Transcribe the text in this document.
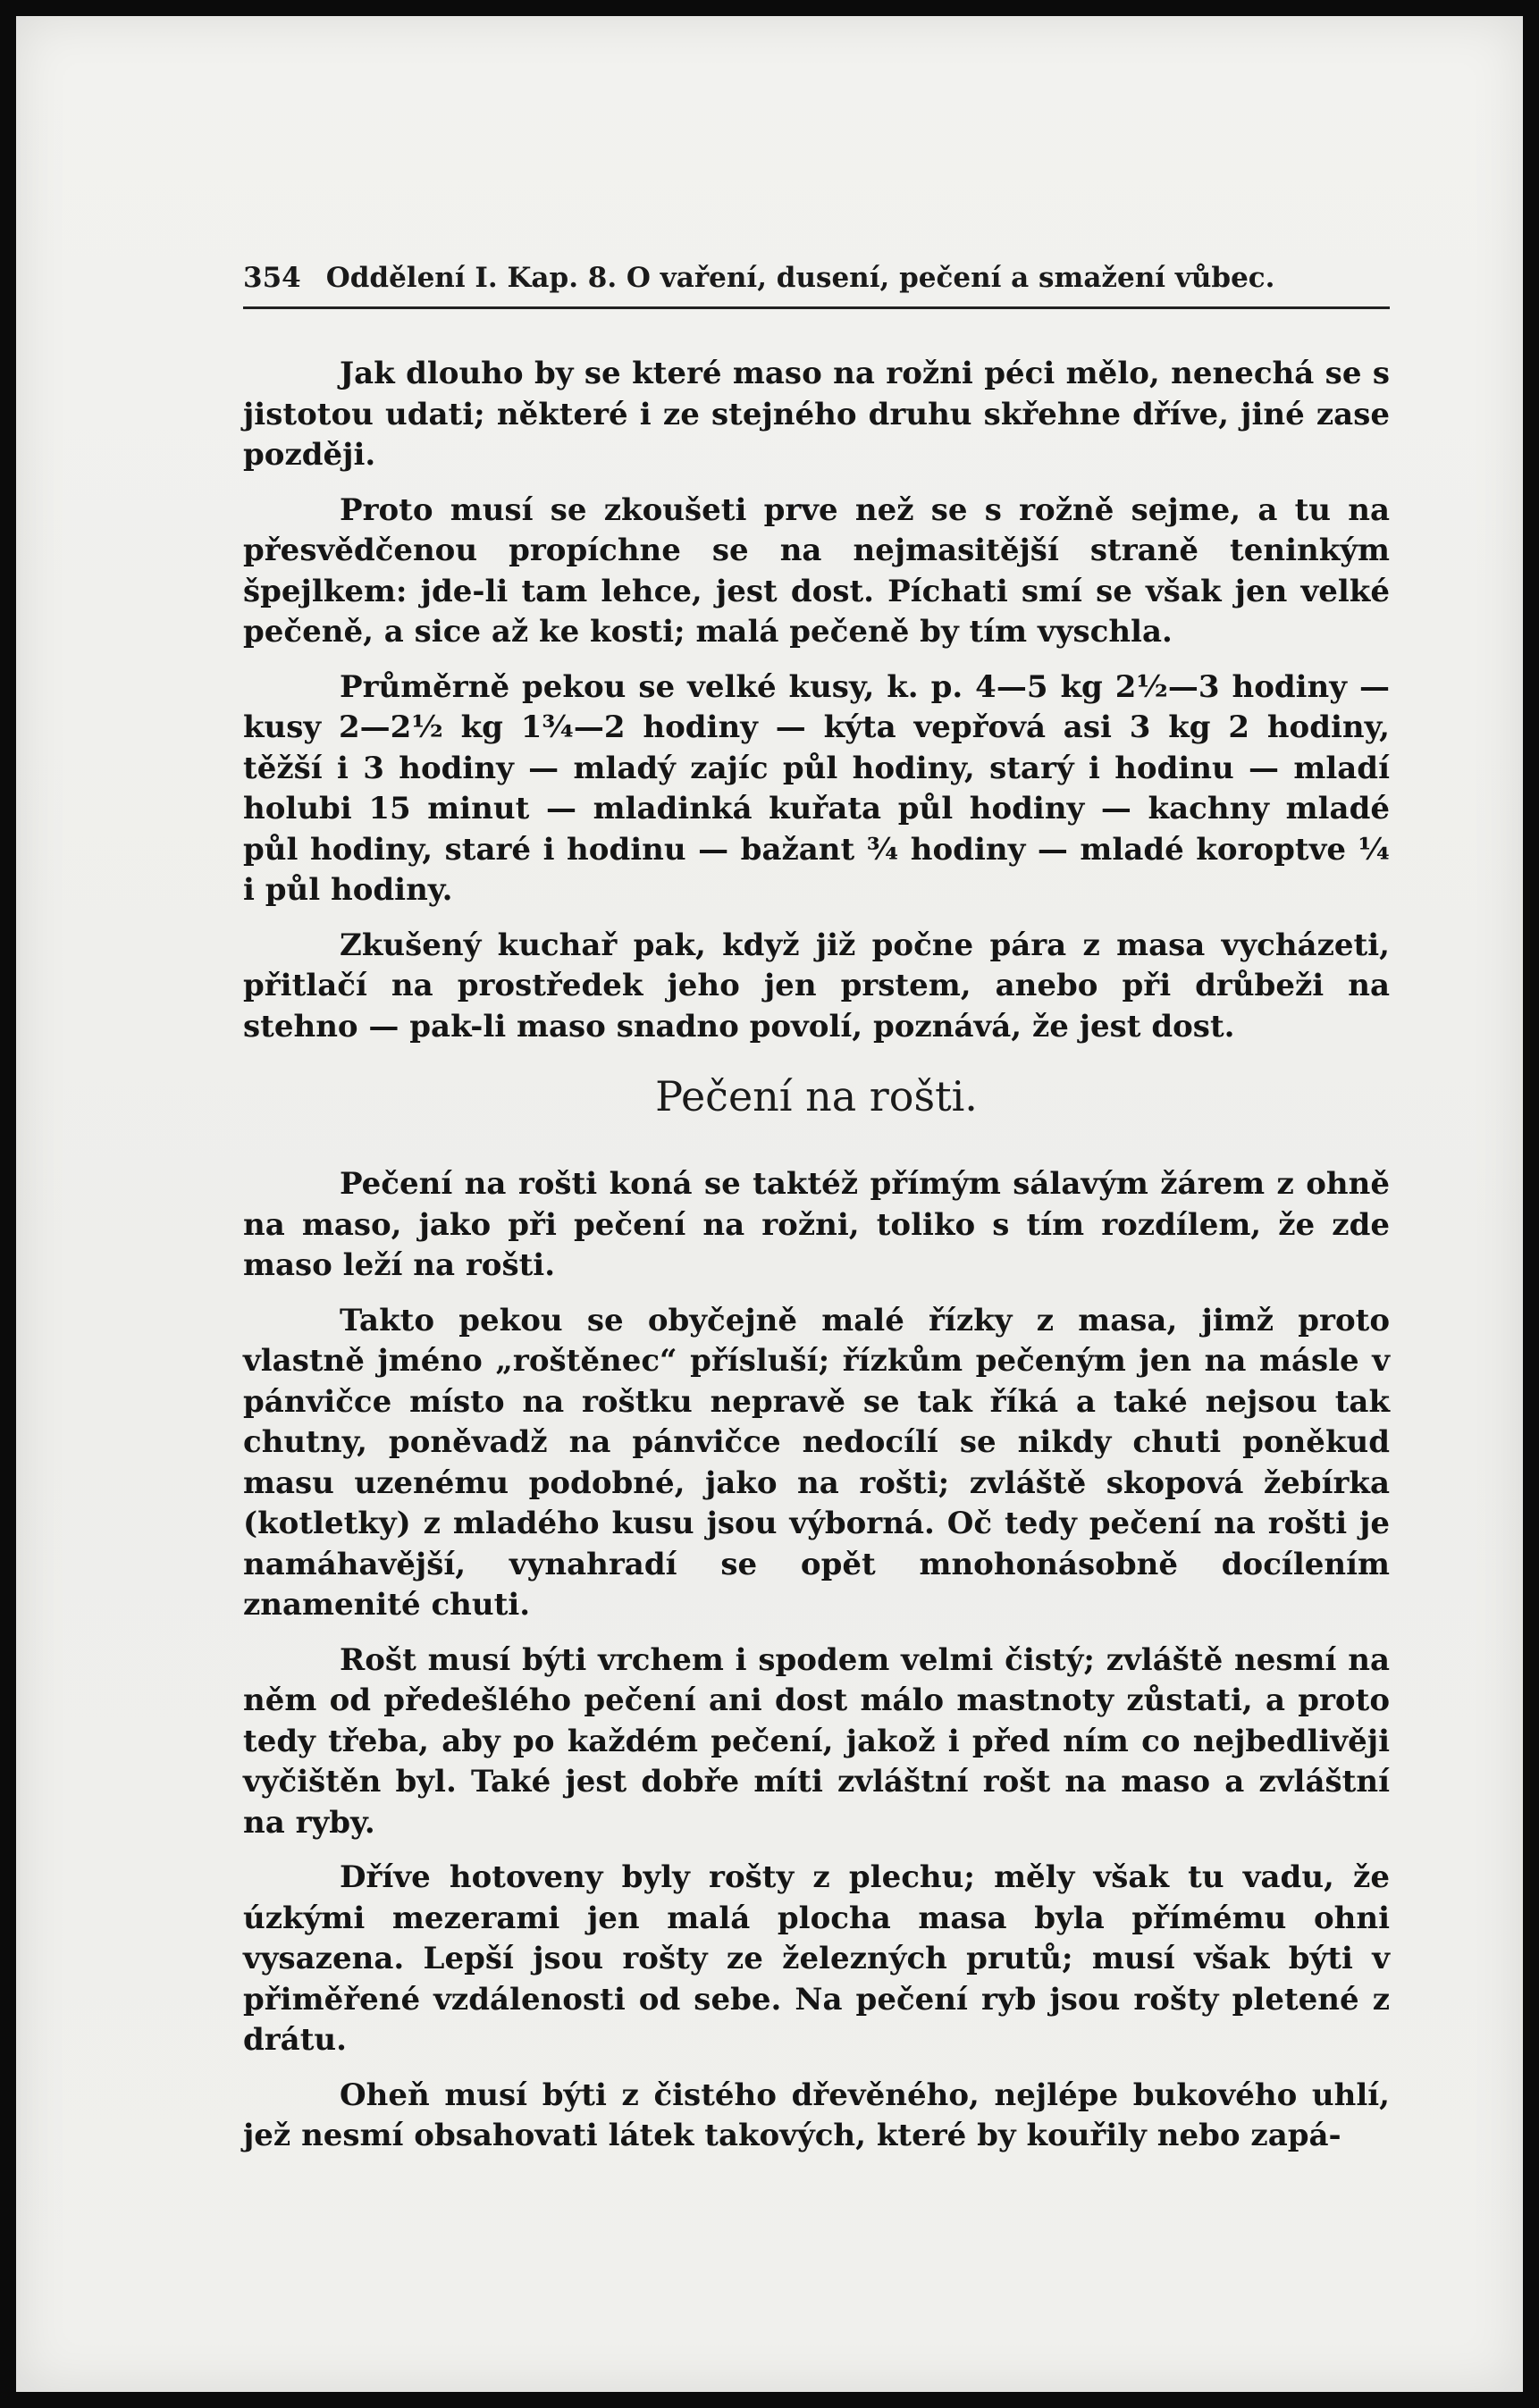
354 Oddělení I. Kap. 8. O vaření, dusení, pečení a smažení vůbec.

Jak dlouho by se které maso na rožni péci mělo, nenechá se s jistotou udati; některé i ze stejného druhu skřehne dříve, jiné zase později.

Proto musí se zkoušeti prve než se s rožně sejme, a tu na přesvědčenou propíchne se na nejmasitější straně teninkým špejlkem: jde-li tam lehce, jest dost. Píchati smí se však jen velké pečeně, a sice až ke kosti; malá pečeně by tím vyschla.

Průměrně pekou se velké kusy, k. p. 4—5 kg 2½—3 hodiny — kusy 2—2½ kg 1¾—2 hodiny — kýta vepřová asi 3 kg 2 hodiny, těžší i 3 hodiny — mladý zajíc půl hodiny, starý i hodinu — mladí holubi 15 minut — mladinká kuřata půl hodiny — kachny mladé půl hodiny, staré i hodinu — bažant ¾ hodiny — mladé koroptve ¼ i půl hodiny.

Zkušený kuchař pak, když již počne pára z masa vycházeti, přitlačí na prostředek jeho jen prstem, anebo při drůbeži na stehno — pak-li maso snadno povolí, poznává, že jest dost.

Pečení na rošti.

Pečení na rošti koná se taktéž přímým sálavým žárem z ohně na maso, jako při pečení na rožni, toliko s tím rozdílem, že zde maso leží na rošti.

Takto pekou se obyčejně malé řízky z masa, jimž proto vlastně jméno „roštěnec“ přísluší; řízkům pečeným jen na másle v pánvičce místo na roštku nepravě se tak říká a také nejsou tak chutny, poněvadž na pánvičce nedocílí se nikdy chuti poněkud masu uzenému podobné, jako na rošti; zvláště skopová žebírka (kotletky) z mladého kusu jsou výborná. Oč tedy pečení na rošti je namáhavější, vynahradí se opět mnohonásobně docílením znamenité chuti.

Rošt musí býti vrchem i spodem velmi čistý; zvláště nesmí na něm od předešlého pečení ani dost málo mastnoty zůstati, a proto tedy třeba, aby po každém pečení, jakož i před ním co nejbedlivěji vyčištěn byl. Také jest dobře míti zvláštní rošt na maso a zvláštní na ryby.

Dříve hotoveny byly rošty z plechu; měly však tu vadu, že úzkými mezerami jen malá plocha masa byla přímému ohni vysazena. Lepší jsou rošty ze železných prutů; musí však býti v přiměřené vzdálenosti od sebe. Na pečení ryb jsou rošty pletené z drátu.

Oheň musí býti z čistého dřevěného, nejlépe bukového uhlí, jež nesmí obsahovati látek takových, které by kouřily nebo zapá-
